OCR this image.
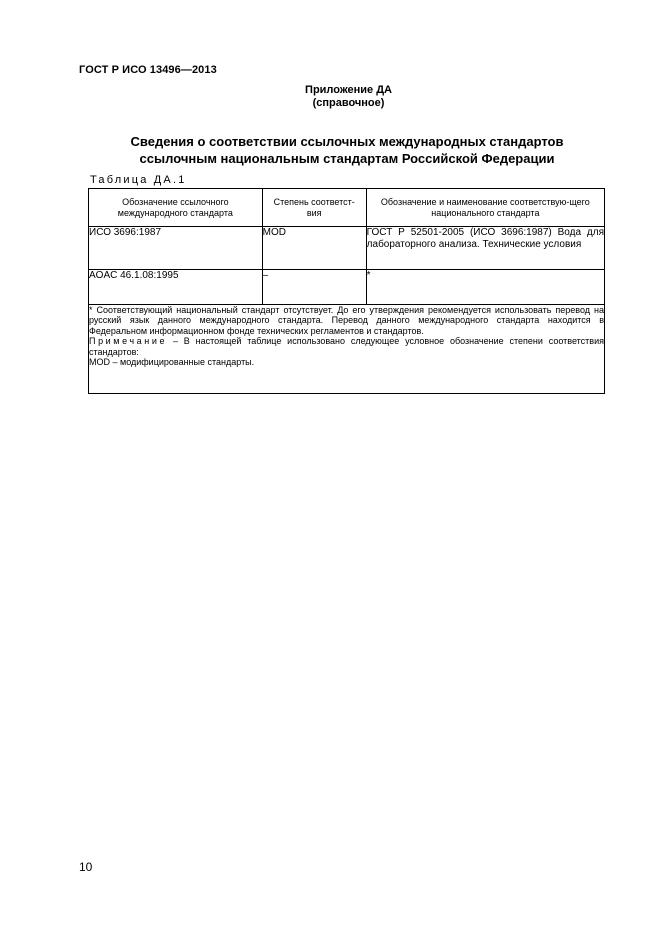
ГОСТ Р ИСО 13496—2013
Приложение ДА
(справочное)
Сведения о соответствии ссылочных международных стандартов
ссылочным национальным стандартам Российской Федерации
Таблица ДА.1
Обозначение ссылочного международного стандарта	Степень соответст-вия	Обозначение и наименование соответствую-щего национального стандарта
ИСО 3696:1987	MOD	ГОСТ Р 52501-2005 (ИСО 3696:1987) Вода для лабораторного анализа. Технические условия
AOAC 46.1.08:1995	–	*

* Соответствующий национальный стандарт отсутствует. До его утверждения рекомендуется использовать перевод на русский язык данного международного стандарта. Перевод данного международного стандарта находится в Федеральном информационном фонде технических регламентов и стандартов.
Примечание – В настоящей таблице использовано следующее условное обозначение степени соответствия стандартов:
MOD – модифицированные стандарты.		
10
